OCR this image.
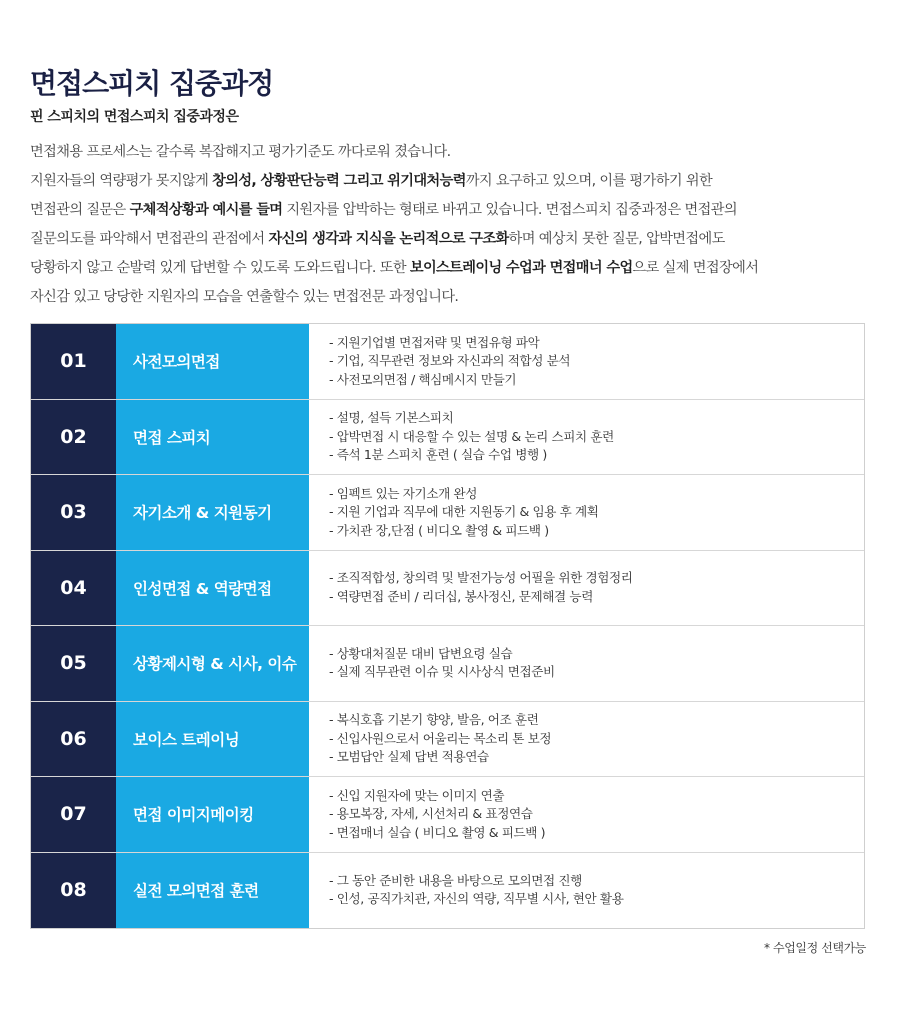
면접스피치 집중과정
핀 스피치의 면접스피치 집중과정은

면접채용 프로세스는 갈수록 복잡해지고 평가기준도 까다로워 졌습니다.

지원자들의 역량평가 못지않게 창의성, 상황판단능력 그리고 위기대처능력까지 요구하고 있으며, 이를 평가하기 위한

면접관의 질문은 구체적상황과 예시를 들며 지원자를 압박하는 형태로 바뀌고 있습니다. 면접스피치 집중과정은 면접관의

질문의도를 파악해서 면접관의 관점에서 자신의 생각과 지식을 논리적으로 구조화하며 예상치 못한 질문, 압박면접에도

당황하지 않고 순발력 있게 답변할 수 있도록 도와드립니다. 또한 보이스트레이닝 수업과 면접매너 수업으로 실제 면접장에서

자신감 있고 당당한 지원자의 모습을 연출할수 있는 면접전문 과정입니다.

01	사전모의면접
- 지원기업별 면접저략 및 면접유형 파악
- 기업, 직무관련 정보와 자신과의 적합성 분석
- 사전모의면접 / 핵심메시지 만들기
02	면접 스피치
- 설명, 설득 기본스피치
- 압박면접 시 대응할 수 있는 설명 & 논리 스피치 훈련
- 즉석 1분 스피치 훈련 ( 실습 수업 병행 )
03	자기소개 & 지원동기
- 임펙트 있는 자기소개 완성
- 지원 기업과 직무에 대한 지원동기 & 임용 후 계획
- 가치관 장,단점 ( 비디오 촬영 & 피드백 )
04	인성면접 & 역량면접
- 조직적합성, 창의력 및 발전가능성 어필을 위한 경험정리
- 역량면접 준비 / 리더십, 봉사정신, 문제해결 능력
05	상황제시형 & 시사, 이슈
- 상황대처질문 대비 답변요령 실습
- 실제 직무관련 이슈 및 시사상식 면접준비
06	보이스 트레이닝
- 복식호흡 기본기 향양, 발음, 어조 훈련
- 신입사원으로서 어울리는 목소리 톤 보정
- 모범답안 실제 답변 적용연습
07	면접 이미지메이킹
- 신입 지원자에 맞는 이미지 연출
- 용모복장, 자세, 시선처리 & 표정연습
- 면접매너 실습 ( 비디오 촬영 & 피드백 )
08	실전 모의면접 훈련
- 그 동안 준비한 내용을 바탕으로 모의면접 진행
- 인성, 공직가치관, 자신의 역량, 직무별 시사, 현안 활용
* 수업일정 선택가능
